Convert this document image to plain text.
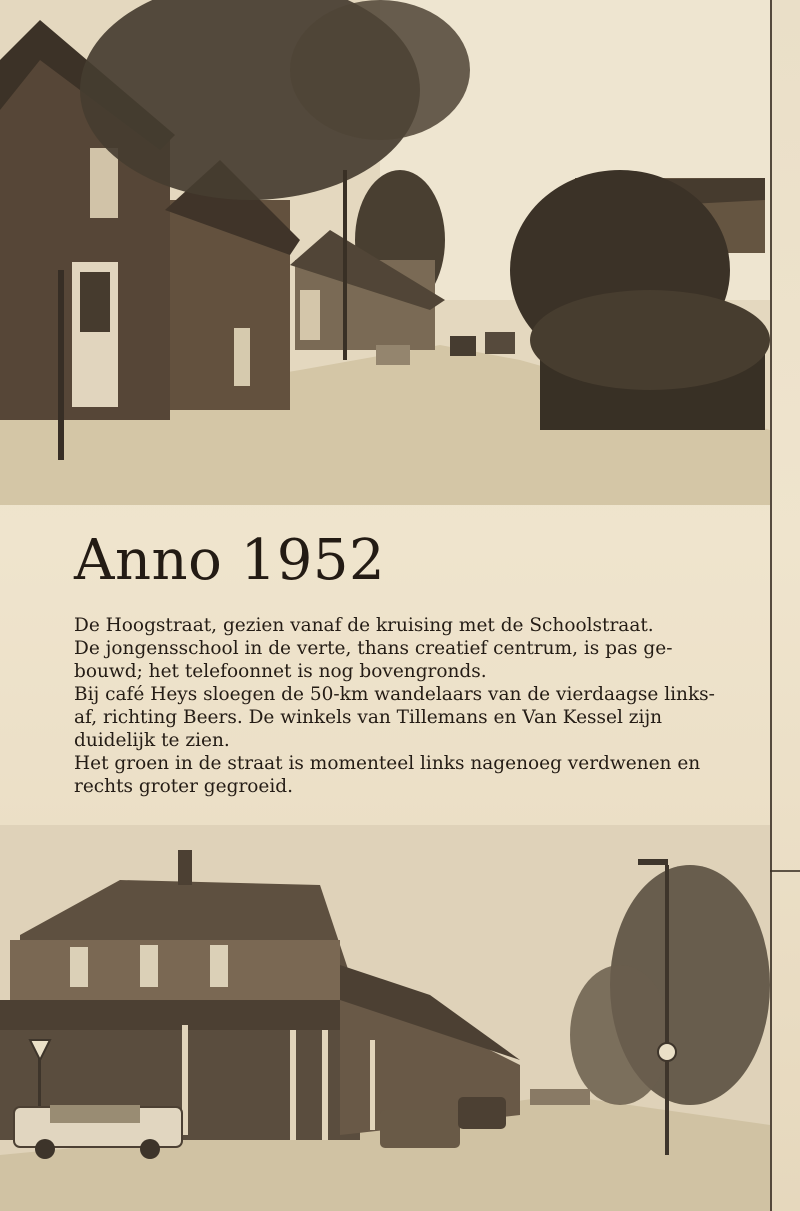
Anno 1952

De Hoogstraat, gezien vanaf de kruising met de Schoolstraat.

De jongensschool in de verte, thans creatief centrum, is pas ge-

bouwd; het telefoonnet is nog bovengronds.

Bij café Heys sloegen de 50-km wandelaars van de vierdaagse links-

af, richting Beers. De winkels van Tillemans en Van Kessel zijn

duidelijk te zien.

Het groen in de straat is momenteel links nagenoeg verdwenen en

rechts groter gegroeid.
